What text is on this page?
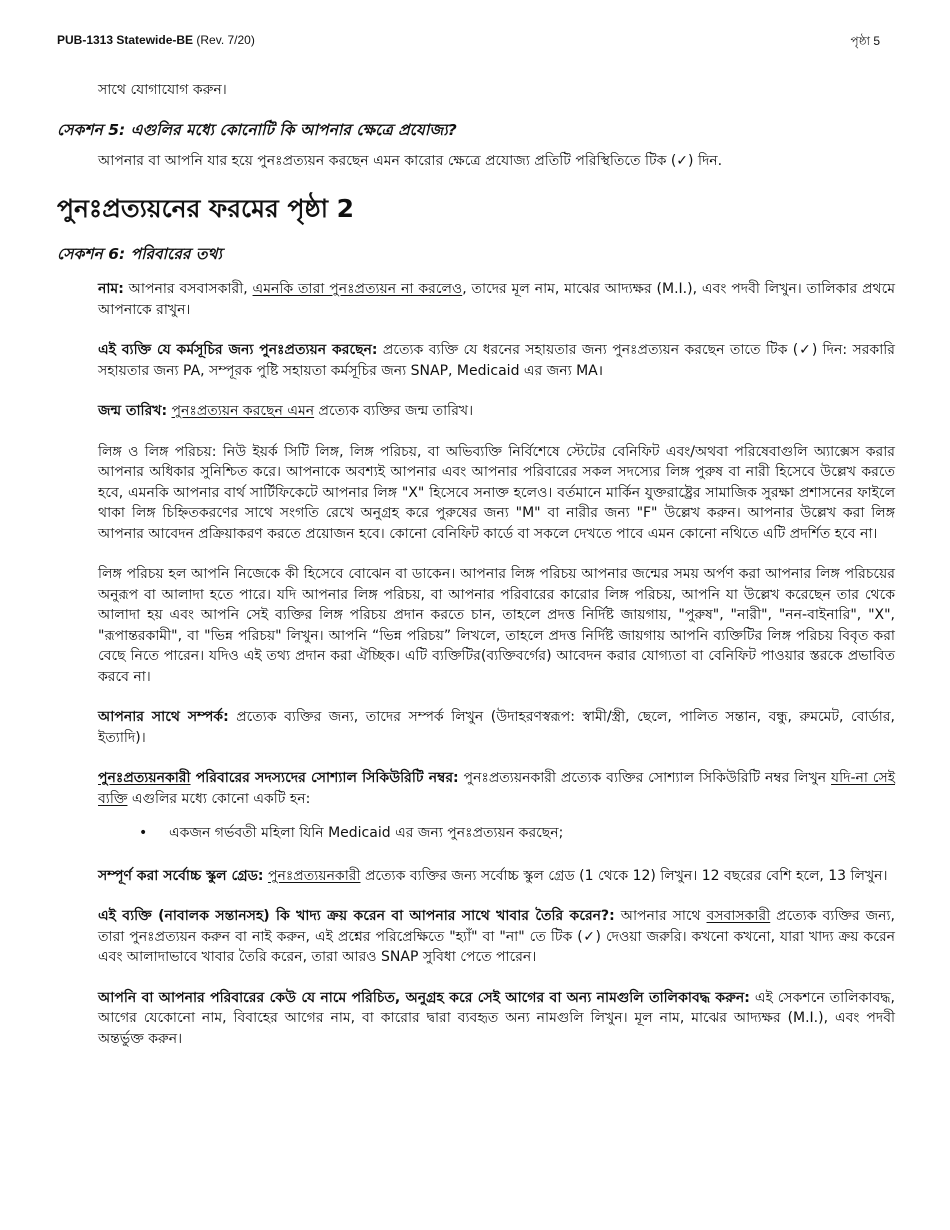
PUB-1313 Statewide-BE (Rev. 7/20)	পৃষ্ঠা 5

সাথে যোগাযোগ করুন।

সেকশন 5: এগুলির মধ্যে কোনোটি কি আপনার ক্ষেত্রে প্রযোজ্য?

আপনার বা আপনি যার হয়ে পুনঃপ্রত্যয়ন করছেন এমন কারোর ক্ষেত্রে প্রযোজ্য প্রতিটি পরিস্থিতিতে টিক (✓) দিন.

পুনঃপ্রত্যয়নের ফরমের পৃষ্ঠা 2
সেকশন 6: পরিবারের তথ্য

নাম: আপনার বসবাসকারী, এমনকি তারা পুনঃপ্রত্যয়ন না করলেও, তাদের মূল নাম, মাঝের আদ্যক্ষর (M.I.), এবং পদবী লিখুন। তালিকার প্রথমে আপনাকে রাখুন।

এই ব্যক্তি যে কর্মসূচির জন্য পুনঃপ্রত্যয়ন করছেন: প্রত্যেক ব্যক্তি যে ধরনের সহায়তার জন্য পুনঃপ্রত্যয়ন করছেন তাতে টিক (✓) দিন: সরকারি সহায়তার জন্য PA, সম্পূরক পুষ্টি সহায়তা কর্মসূচির জন্য SNAP, Medicaid এর জন্য MA।

জন্ম তারিখ: পুনঃপ্রত্যয়ন করছেন এমন প্রত্যেক ব্যক্তির জন্ম তারিখ।

লিঙ্গ ও লিঙ্গ পরিচয়: নিউ ইয়র্ক সিটি লিঙ্গ, লিঙ্গ পরিচয়, বা অভিব্যক্তি নির্বিশেষে স্টেটের বেনিফিট এবং/অথবা পরিষেবাগুলি অ্যাক্সেস করার আপনার অধিকার সুনিশ্চিত করে। আপনাকে অবশ্যই আপনার এবং আপনার পরিবারের সকল সদস্যের লিঙ্গ পুরুষ বা নারী হিসেবে উল্লেখ করতে হবে, এমনকি আপনার বার্থ সার্টিফিকেটে আপনার লিঙ্গ "X" হিসেবে সনাক্ত হলেও। বর্তমানে মার্কিন যুক্তরাষ্ট্রের সামাজিক সুরক্ষা প্রশাসনের ফাইলে থাকা লিঙ্গ চিহ্নিতকরণের সাথে সংগতি রেখে অনুগ্রহ করে পুরুষের জন্য "M" বা নারীর জন্য "F" উল্লেখ করুন। আপনার উল্লেখ করা লিঙ্গ আপনার আবেদন প্রক্রিয়াকরণ করতে প্রয়োজন হবে। কোনো বেনিফিট কার্ডে বা সকলে দেখতে পাবে এমন কোনো নথিতে এটি প্রদর্শিত হবে না।

লিঙ্গ পরিচয় হল আপনি নিজেকে কী হিসেবে বোঝেন বা ডাকেন। আপনার লিঙ্গ পরিচয় আপনার জন্মের সময় অর্পণ করা আপনার লিঙ্গ পরিচয়ের অনুরূপ বা আলাদা হতে পারে। যদি আপনার লিঙ্গ পরিচয়, বা আপনার পরিবারের কারোর লিঙ্গ পরিচয়, আপনি যা উল্লেখ করেছেন তার থেকে আলাদা হয় এবং আপনি সেই ব্যক্তির লিঙ্গ পরিচয় প্রদান করতে চান, তাহলে প্রদত্ত নির্দিষ্ট জায়গায়, "পুরুষ", "নারী", "নন-বাইনারি", "X", "রূপান্তরকামী", বা "ভিন্ন পরিচয়" লিখুন। আপনি “ভিন্ন পরিচয়” লিখলে, তাহলে প্রদত্ত নির্দিষ্ট জায়গায় আপনি ব্যক্তিটির লিঙ্গ পরিচয় বিবৃত করা বেছে নিতে পারেন। যদিও এই তথ্য প্রদান করা ঐচ্ছিক। এটি ব্যক্তিটির(ব্যক্তিবর্গের) আবেদন করার যোগ্যতা বা বেনিফিট পাওয়ার স্তরকে প্রভাবিত করবে না।

আপনার সাথে সম্পর্ক: প্রত্যেক ব্যক্তির জন্য, তাদের সম্পর্ক লিখুন (উদাহরণস্বরূপ: স্বামী/স্ত্রী, ছেলে, পালিত সন্তান, বন্ধু, রুমমেট, বোর্ডার, ইত্যাদি)।

পুনঃপ্রত্যয়নকারী পরিবারের সদস্যদের সোশ্যাল সিকিউরিটি নম্বর: পুনঃপ্রত্যয়নকারী প্রত্যেক ব্যক্তির সোশ্যাল সিকিউরিটি নম্বর লিখুন যদি-না সেই ব্যক্তি এগুলির মধ্যে কোনো একটি হন:

• একজন গর্ভবতী মহিলা যিনি Medicaid এর জন্য পুনঃপ্রত্যয়ন করছেন;

সম্পূর্ণ করা সর্বোচ্চ স্কুল গ্রেড: পুনঃপ্রত্যয়নকারী প্রত্যেক ব্যক্তির জন্য সর্বোচ্চ স্কুল গ্রেড (1 থেকে 12) লিখুন। 12 বছরের বেশি হলে, 13 লিখুন।

এই ব্যক্তি (নাবালক সন্তানসহ) কি খাদ্য ক্রয় করেন বা আপনার সাথে খাবার তৈরি করেন?: আপনার সাথে বসবাসকারী প্রত্যেক ব্যক্তির জন্য, তারা পুনঃপ্রত্যয়ন করুন বা নাই করুন, এই প্রশ্নের পরিপ্রেক্ষিতে "হ্যাঁ" বা "না" তে টিক (✓) দেওয়া জরুরি। কখনো কখনো, যারা খাদ্য ক্রয় করেন এবং আলাদাভাবে খাবার তৈরি করেন, তারা আরও SNAP সুবিধা পেতে পারেন।

আপনি বা আপনার পরিবারের কেউ যে নামে পরিচিত, অনুগ্রহ করে সেই আগের বা অন্য নামগুলি তালিকাবদ্ধ করুন: এই সেকশনে তালিকাবদ্ধ, আগের যেকোনো নাম, বিবাহের আগের নাম, বা কারোর দ্বারা ব্যবহৃত অন্য নামগুলি লিখুন। মূল নাম, মাঝের আদ্যক্ষর (M.I.), এবং পদবী অন্তর্ভুক্ত করুন।
